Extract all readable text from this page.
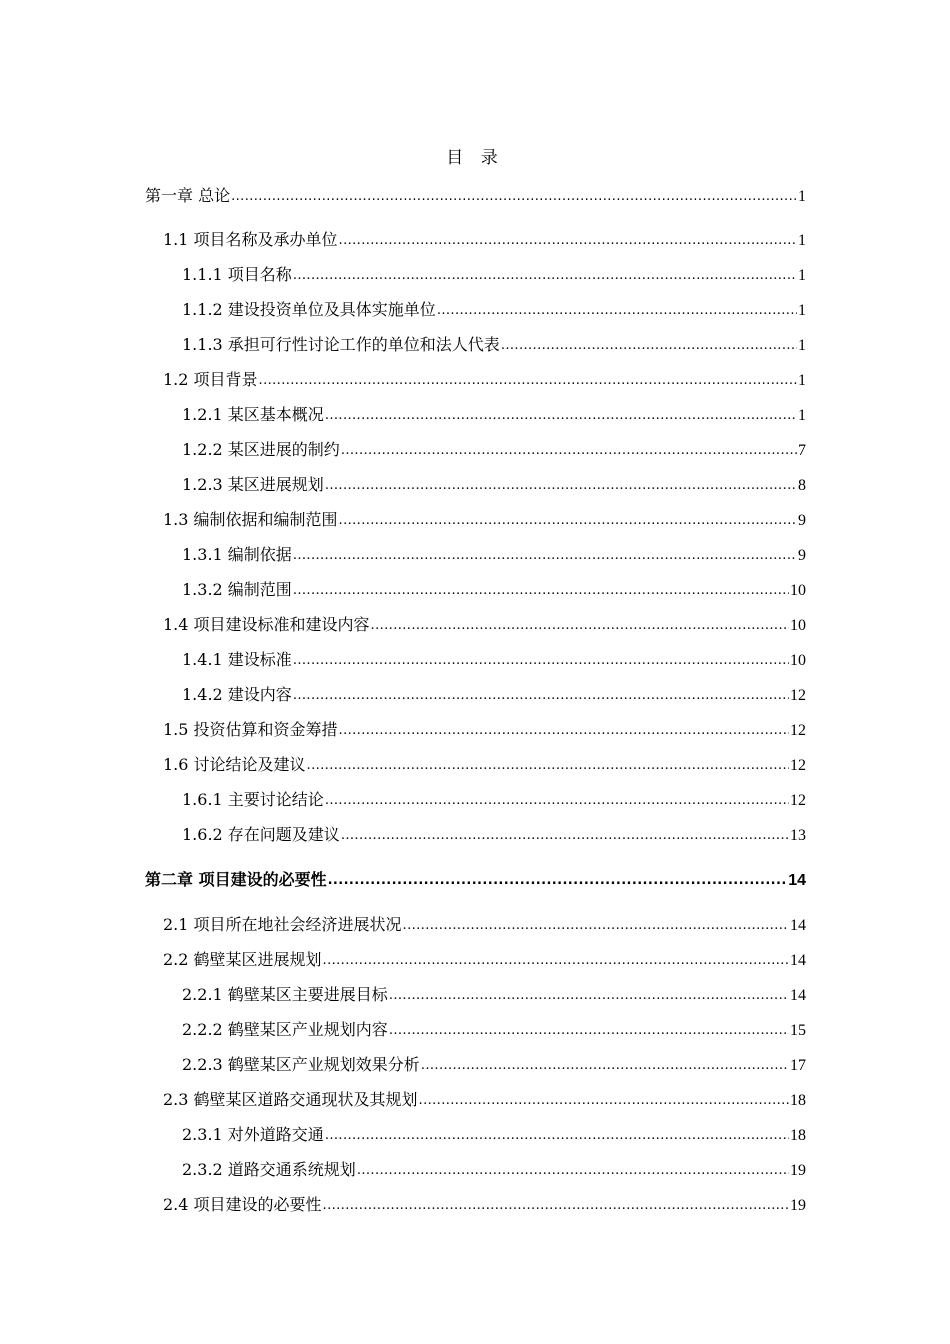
目 录
第一章 总论 .....	1
1.1 项目名称及承办单位 .....	1
1.1.1 项目名称 .....	1
1.1.2 建设投资单位及具体实施单位 .....	1
1.1.3 承担可行性讨论工作的单位和法人代表 .....	1
1.2 项目背景 .....	1
1.2.1 某区基本概况 .....	1
1.2.2 某区进展的制约 .....	7
1.2.3 某区进展规划 .....	8
1.3 编制依据和编制范围 .....	9
1.3.1 编制依据 .....	9
1.3.2 编制范围 .....	10
1.4 项目建设标准和建设内容 .....	10
1.4.1 建设标准 .....	10
1.4.2 建设内容 .....	12
1.5 投资估算和资金筹措 .....	12
1.6 讨论结论及建议 .....	12
1.6.1 主要讨论结论 .....	12
1.6.2 存在问题及建议 .....	13
第二章 项目建设的必要性 .....	14
2.1 项目所在地社会经济进展状况 .....	14
2.2 鹤壁某区进展规划 .....	14
2.2.1 鹤壁某区主要进展目标 .....	14
2.2.2 鹤壁某区产业规划内容 .....	15
2.2.3 鹤壁某区产业规划效果分析 .....	17
2.3 鹤壁某区道路交通现状及其规划 .....	18
2.3.1 对外道路交通 .....	18
2.3.2 道路交通系统规划 .....	19
2.4 项目建设的必要性 .....	19
